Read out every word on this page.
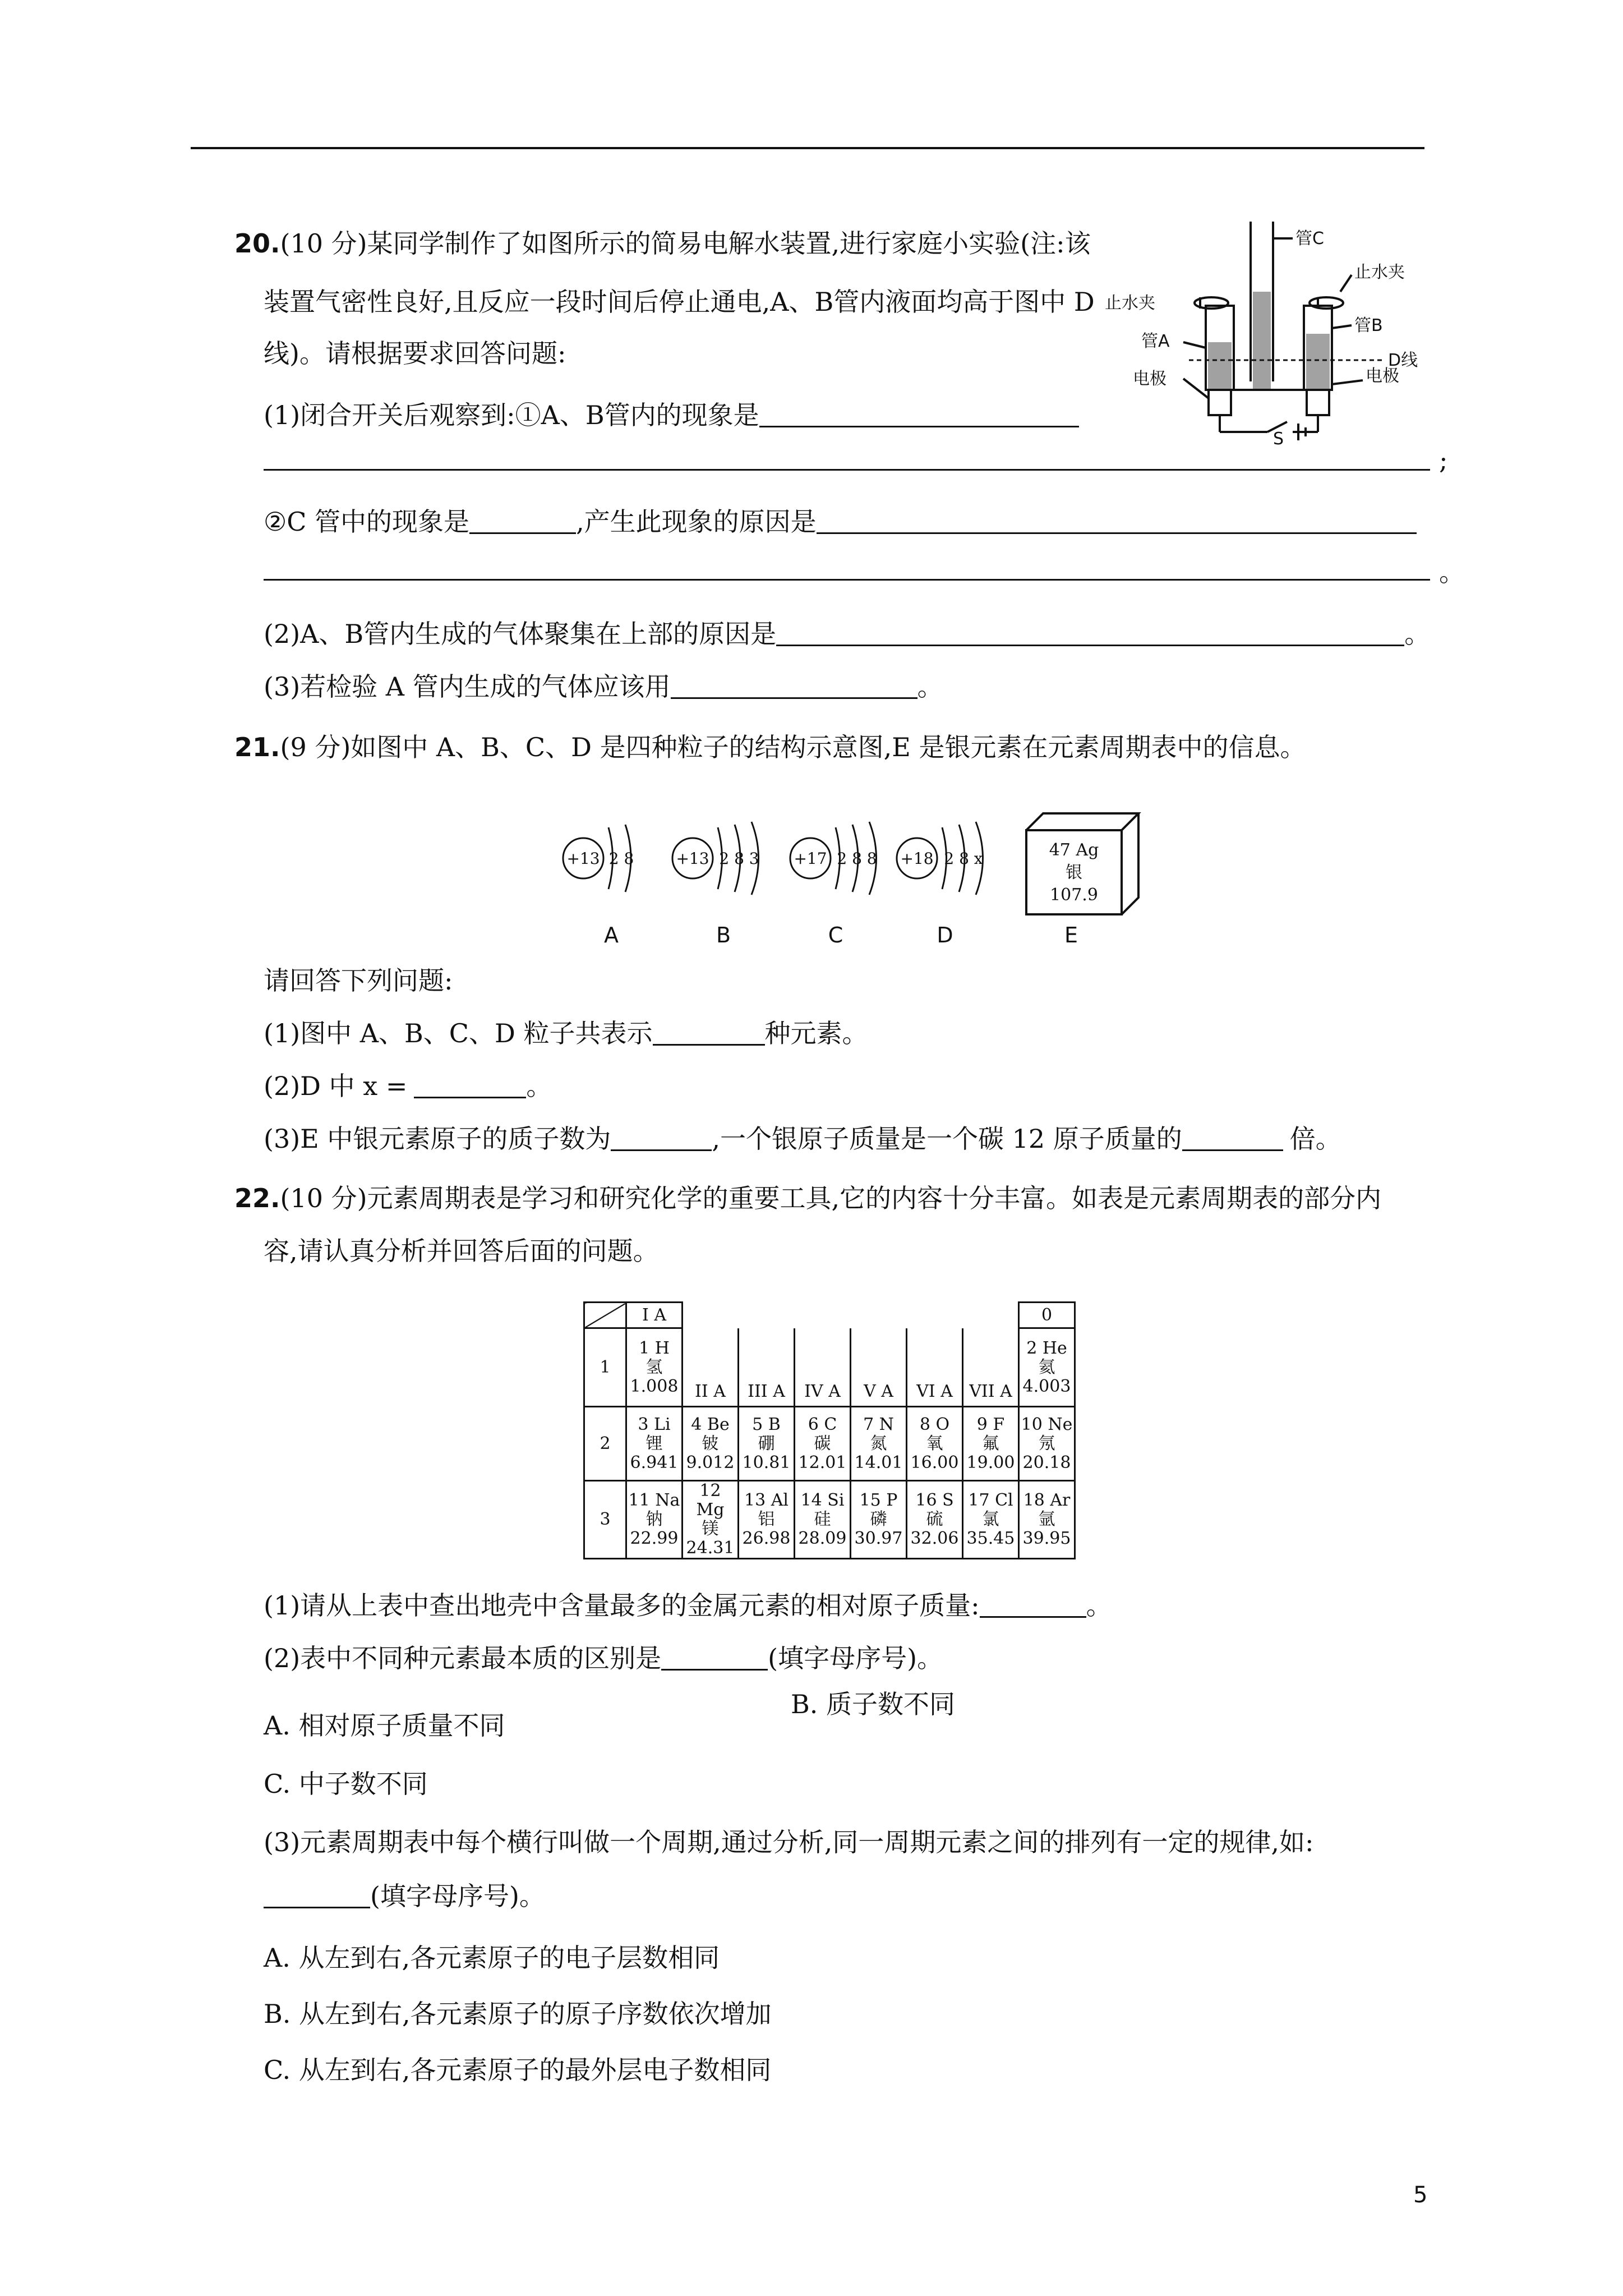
20.(10 分)某同学制作了如图所示的简易电解水装置,进行家庭小实验(注:该
装置气密性良好,且反应一段时间后停止通电,A、B管内液面均高于图中 D
线)。请根据要求回答问题:
(1)闭合开关后观察到:①A、B管内的现象是
;
②C 管中的现象是	,产生此现象的原因是
。
(2)A、B管内生成的气体聚集在上部的原因是	。
(3)若检验 A 管内生成的气体应该用	。
管C
止水夹
止水夹
管A
管B
D线
电极	电极
S
21.(9 分)如图中 A、B、C、D 是四种粒子的结构示意图,E 是银元素在元素周期表中的信息。
+13	+13	+17	+18
2 8	2 8 3	2 8 8	2 8 x
A	B	C	D	E
47 Ag
银
107.9
请回答下列问题:
(1)图中 A、B、C、D 粒子共表示	种元素。
(2)D 中 x =	。
(3)E 中银元素原子的质子数为	,一个银原子质量是一个碳 12 原子质量的	倍。
22.(10 分)元素周期表是学习和研究化学的重要工具,它的内容十分丰富。如表是元素周期表的部分内
容,请认真分析并回答后面的问题。
	I A							0
1	1 H
氢
1.008	II A	III A	IV A	V A	VI A	VII A	2 He
氦
4.003

2	3 Li
锂
6.941	4 Be
铍
9.012	5 B
硼
10.81	6 C
碳
12.01	7 N
氮
14.01	8 O
氧
16.00	9 F
氟
19.00	10 Ne
氖
20.18

3	11 Na
钠
22.99	12 Mg
镁
24.31	13 Al
铝
26.98	14 Si
硅
28.09	15 P
磷
30.97	16 S
硫
32.06	17 Cl
氯
35.45	18 Ar
氩
39.95
(1)请从上表中查出地壳中含量最多的金属元素的相对原子质量:	。
(2)表中不同种元素最本质的区别是	(填字母序号)。
A. 相对原子质量不同
B. 质子数不同
C. 中子数不同
(3)元素周期表中每个横行叫做一个周期,通过分析,同一周期元素之间的排列有一定的规律,如:
(填字母序号)。
A. 从左到右,各元素原子的电子层数相同
B. 从左到右,各元素原子的原子序数依次增加
C. 从左到右,各元素原子的最外层电子数相同
5
